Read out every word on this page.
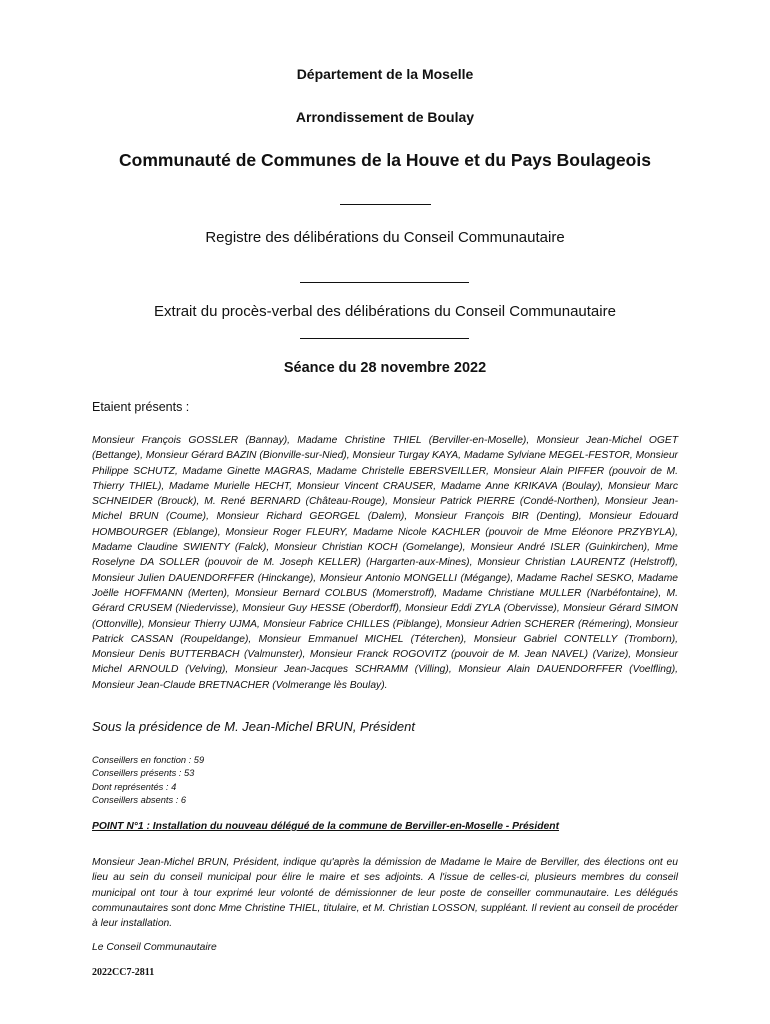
Département de la Moselle
Arrondissement de Boulay
Communauté de Communes de la Houve et du Pays Boulageois
Registre des délibérations du Conseil Communautaire
Extrait du procès-verbal des délibérations du Conseil Communautaire
Séance du 28 novembre 2022
Etaient présents :
Monsieur François GOSSLER (Bannay), Madame Christine THIEL (Berviller-en-Moselle), Monsieur Jean-Michel OGET (Bettange), Monsieur Gérard BAZIN (Bionville-sur-Nied), Monsieur Turgay KAYA, Madame Sylviane MEGEL-FESTOR, Monsieur Philippe SCHUTZ, Madame Ginette MAGRAS, Madame Christelle EBERSVEILLER, Monsieur Alain PIFFER (pouvoir de M. Thierry THIEL), Madame Murielle HECHT, Monsieur Vincent CRAUSER, Madame Anne KRIKAVA (Boulay), Monsieur Marc SCHNEIDER (Brouck), M. René BERNARD (Château-Rouge), Monsieur Patrick PIERRE (Condé-Northen), Monsieur Jean-Michel BRUN (Coume), Monsieur Richard GEORGEL (Dalem), Monsieur François BIR (Denting), Monsieur Edouard HOMBOURGER (Eblange), Monsieur Roger FLEURY, Madame Nicole KACHLER (pouvoir de Mme Eléonore PRZYBYLA), Madame Claudine SWIENTY (Falck), Monsieur Christian KOCH (Gomelange), Monsieur André ISLER (Guinkirchen), Mme Roselyne DA SOLLER (pouvoir de M. Joseph KELLER) (Hargarten-aux-Mines), Monsieur Christian LAURENTZ (Helstroff), Monsieur Julien DAUENDORFFER (Hinckange), Monsieur Antonio MONGELLI (Mégange), Madame Rachel SESKO, Madame Joëlle HOFFMANN (Merten), Monsieur Bernard COLBUS (Momerstroff), Madame Christiane MULLER (Narbéfontaine), M. Gérard CRUSEM (Niedervisse), Monsieur Guy HESSE (Oberdorff), Monsieur Eddi ZYLA (Obervisse), Monsieur Gérard SIMON (Ottonville), Monsieur Thierry UJMA, Monsieur Fabrice CHILLES (Piblange), Monsieur Adrien SCHERER (Rémering), Monsieur Patrick CASSAN (Roupeldange), Monsieur Emmanuel MICHEL (Téterchen), Monsieur Gabriel CONTELLY (Tromborn), Monsieur Denis BUTTERBACH (Valmunster), Monsieur Franck ROGOVITZ (pouvoir de M. Jean NAVEL) (Varize), Monsieur Michel ARNOULD (Velving), Monsieur Jean-Jacques SCHRAMM (Villing), Monsieur Alain DAUENDORFFER (Voelfling), Monsieur Jean-Claude BRETNACHER (Volmerange lès Boulay).
Sous la présidence de M. Jean-Michel BRUN, Président
Conseillers en fonction : 59
Conseillers présents : 53
Dont représentés : 4
Conseillers absents : 6
POINT N°1 : Installation du nouveau délégué de la commune de Berviller-en-Moselle - Président
Monsieur Jean-Michel BRUN, Président, indique qu'après la démission de Madame le Maire de Berviller, des élections ont eu lieu au sein du conseil municipal pour élire le maire et ses adjoints. A l'issue de celles-ci, plusieurs membres du conseil municipal ont tour à tour exprimé leur volonté de démissionner de leur poste de conseiller communautaire. Les délégués communautaires sont donc Mme Christine THIEL, titulaire, et M. Christian LOSSON, suppléant. Il revient au conseil de procéder à leur installation.
Le Conseil Communautaire
2022CC7-2811
